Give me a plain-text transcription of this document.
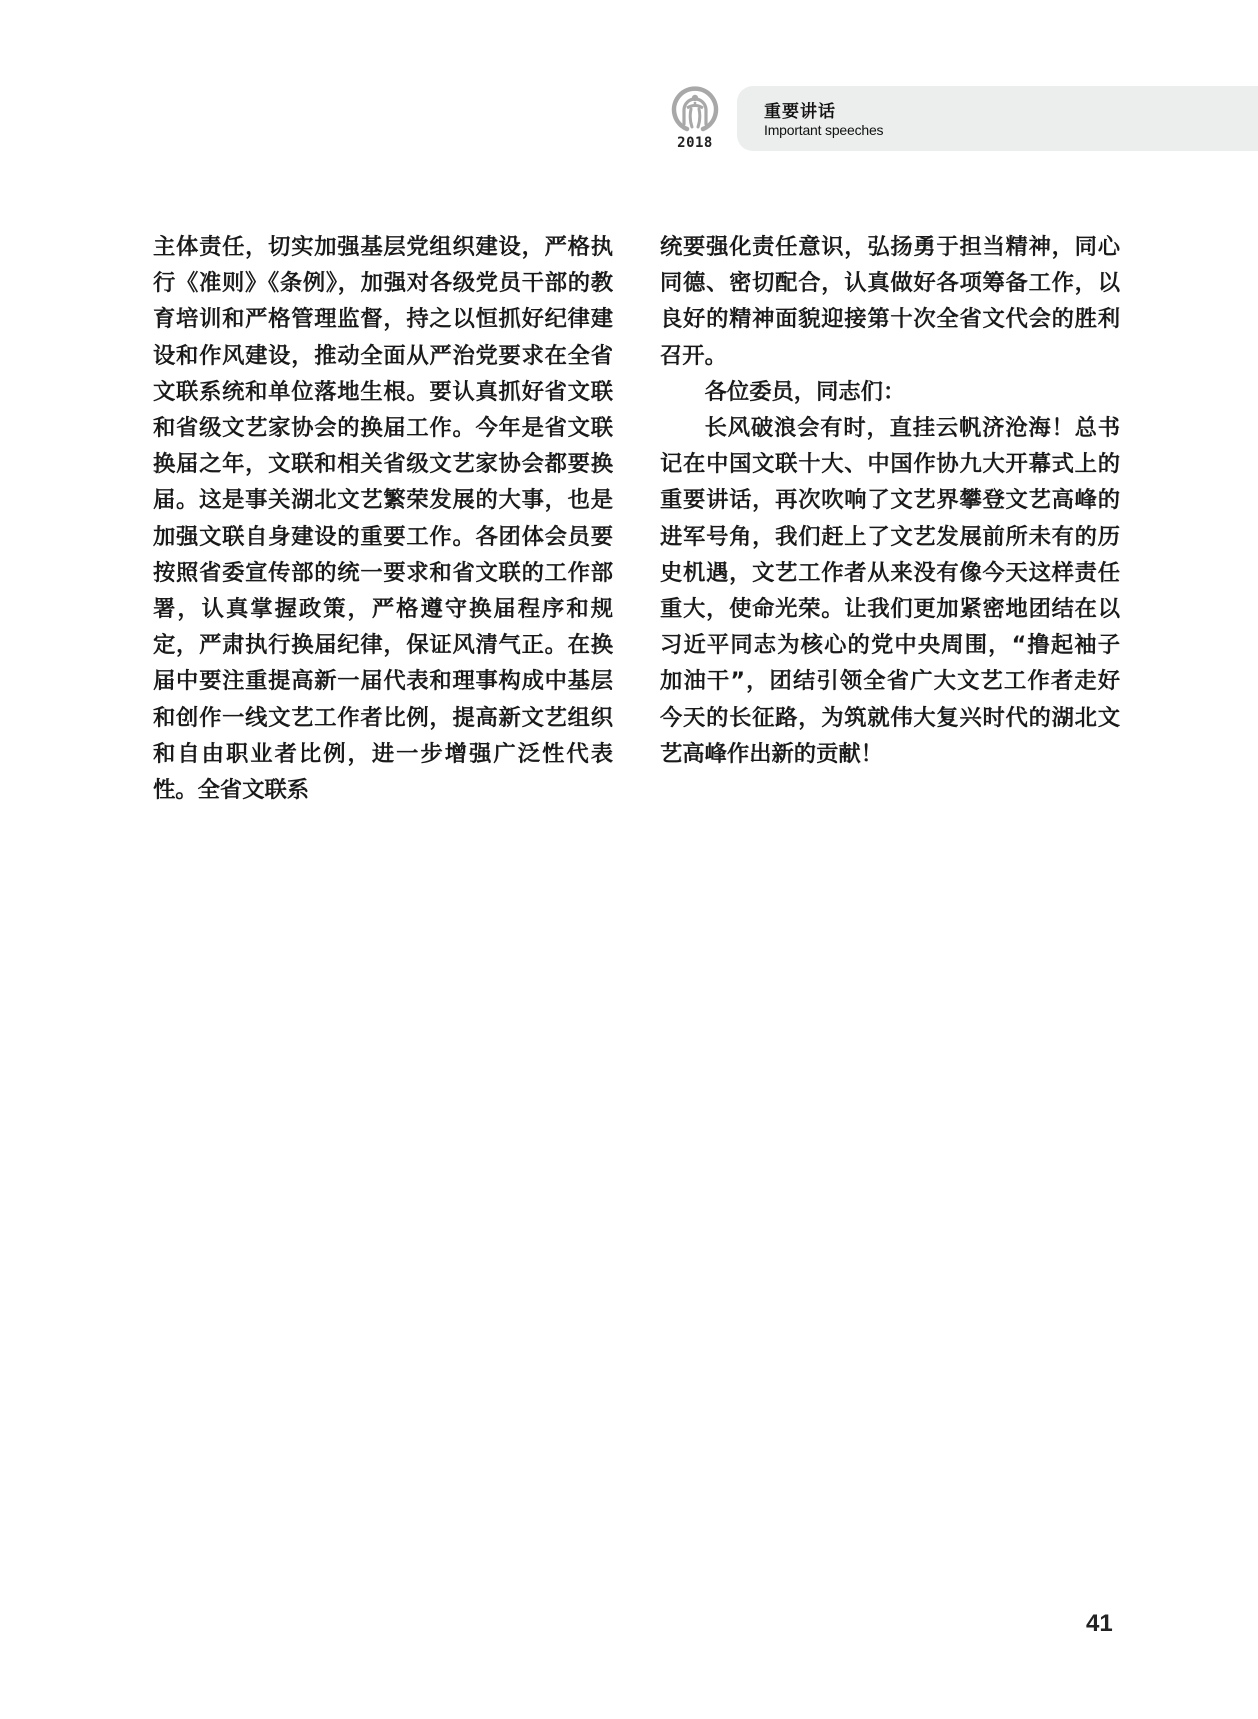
2018
重要讲话
Important speeches

主体责任，切实加强基层党组织建设，严格执行《准则》《条例》，加强对各级党员干部的教育培训和严格管理监督，持之以恒抓好纪律建设和作风建设，推动全面从严治党要求在全省文联系统和单位落地生根。要认真抓好省文联和省级文艺家协会的换届工作。今年是省文联换届之年，文联和相关省级文艺家协会都要换届。这是事关湖北文艺繁荣发展的大事，也是加强文联自身建设的重要工作。各团体会员要按照省委宣传部的统一要求和省文联的工作部署，认真掌握政策，严格遵守换届程序和规定，严肃执行换届纪律，保证风清气正。在换届中要注重提高新一届代表和理事构成中基层和创作一线文艺工作者比例，提高新文艺组织和自由职业者比例，进一步增强广泛性代表性。全省文联系

统要强化责任意识，弘扬勇于担当精神，同心同德、密切配合，认真做好各项筹备工作，以良好的精神面貌迎接第十次全省文代会的胜利召开。

各位委员，同志们：

长风破浪会有时，直挂云帆济沧海！总书记在中国文联十大、中国作协九大开幕式上的重要讲话，再次吹响了文艺界攀登文艺高峰的进军号角，我们赶上了文艺发展前所未有的历史机遇，文艺工作者从来没有像今天这样责任重大，使命光荣。让我们更加紧密地团结在以习近平同志为核心的党中央周围，“撸起袖子加油干”，团结引领全省广大文艺工作者走好今天的长征路，为筑就伟大复兴时代的湖北文艺高峰作出新的贡献！

41
